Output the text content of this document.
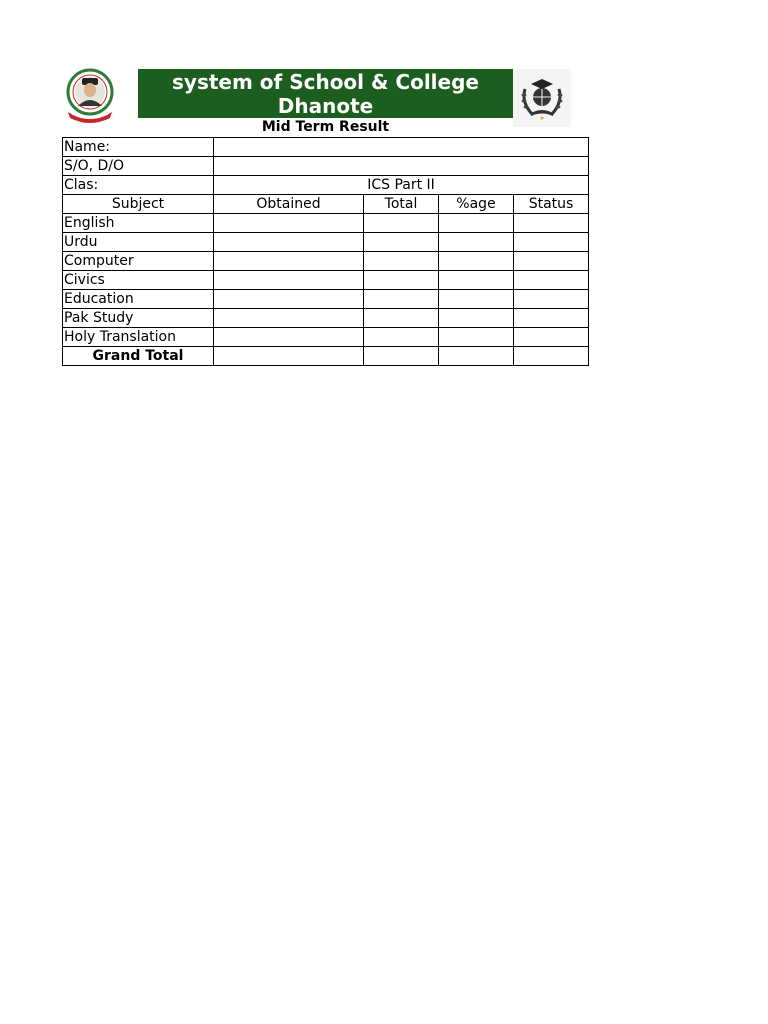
system of School & College
Dhanote
Mid Term Result
Name:				
S/O, D/O				
Clas:	ICS Part II			
Subject	Obtained	Total	%age	Status
English				
Urdu				
Computer				
Civics				
Education				
Pak Study				
Holy Translation				
Grand Total				
